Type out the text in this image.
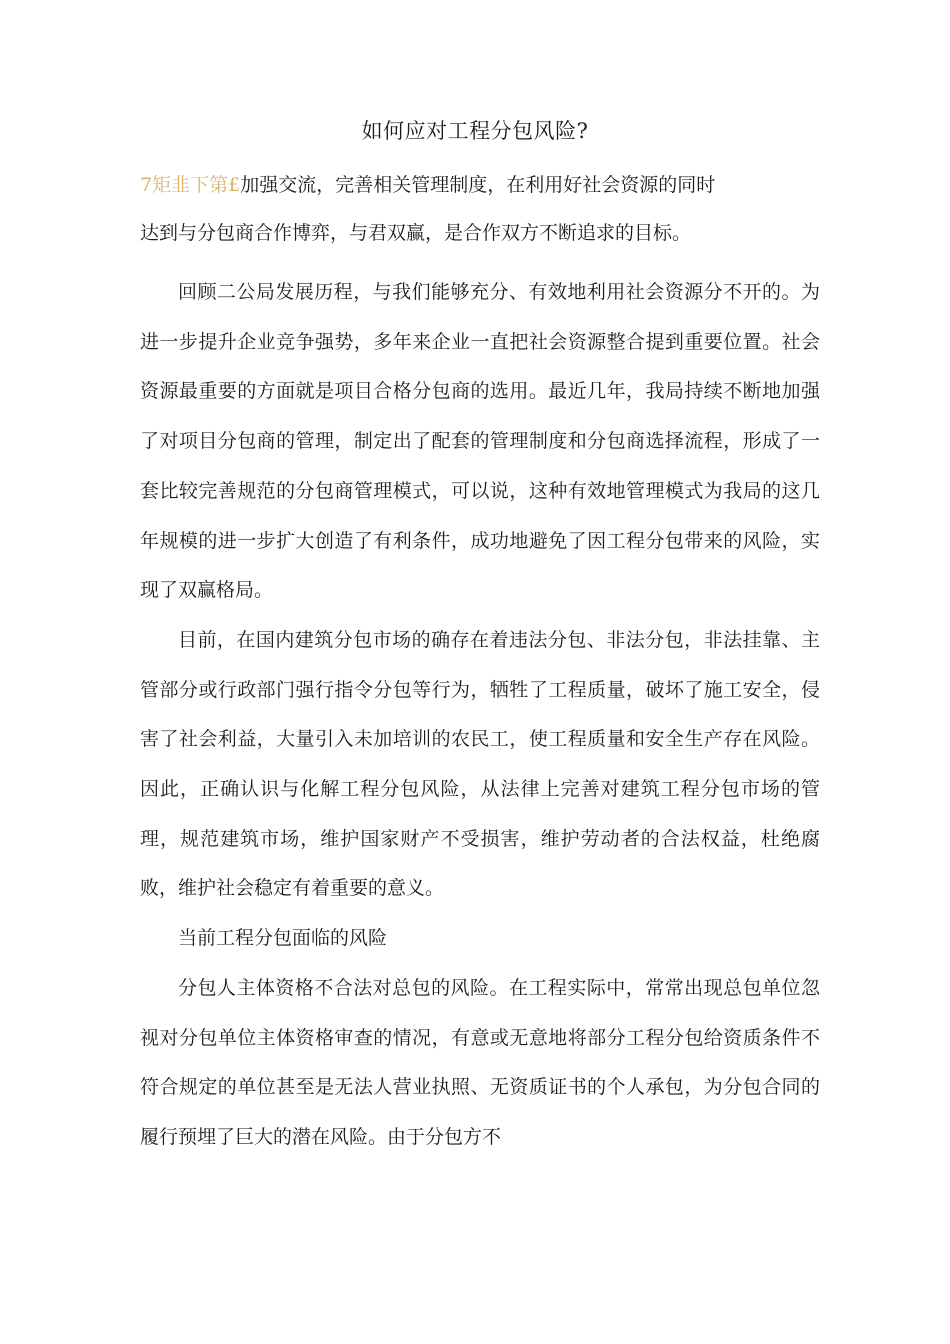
如何应对工程分包风险?
7矩韭下第£加强交流，完善相关管理制度，在利用好社会资源的同时
达到与分包商合作博弈，与君双赢，是合作双方不断追求的目标。

回顾二公局发展历程，与我们能够充分、有效地利用社会资源分不开的。为进一步提升企业竞争强势，多年来企业一直把社会资源整合提到重要位置。社会资源最重要的方面就是项目合格分包商的选用。最近几年，我局持续不断地加强了对项目分包商的管理，制定出了配套的管理制度和分包商选择流程，形成了一套比较完善规范的分包商管理模式，可以说，这种有效地管理模式为我局的这几年规模的进一步扩大创造了有利条件，成功地避免了因工程分包带来的风险，实现了双赢格局。

目前，在国内建筑分包市场的确存在着违法分包、非法分包，非法挂靠、主管部分或行政部门强行指令分包等行为，牺牲了工程质量，破坏了施工安全，侵害了社会利益，大量引入未加培训的农民工，使工程质量和安全生产存在风险。因此，正确认识与化解工程分包风险，从法律上完善对建筑工程分包市场的管理，规范建筑市场，维护国家财产不受损害，维护劳动者的合法权益，杜绝腐败，维护社会稳定有着重要的意义。

当前工程分包面临的风险

分包人主体资格不合法对总包的风险。在工程实际中，常常出现总包单位忽视对分包单位主体资格审查的情况，有意或无意地将部分工程分包给资质条件不符合规定的单位甚至是无法人营业执照、无资质证书的个人承包，为分包合同的履行预埋了巨大的潜在风险。由于分包方不
